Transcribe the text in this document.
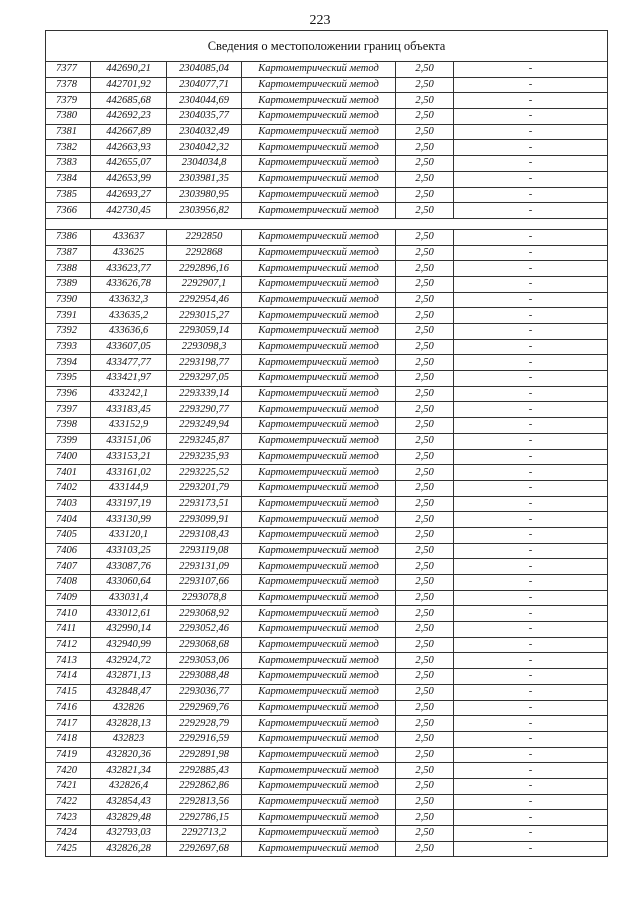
223
Сведения о местоположении границ объекта					
7377	442690,21	2304085,04	Картометрический метод	2,50	-
7378	442701,92	2304077,71	Картометрический метод	2,50	-
7379	442685,68	2304044,69	Картометрический метод	2,50	-
7380	442692,23	2304035,77	Картометрический метод	2,50	-
7381	442667,89	2304032,49	Картометрический метод	2,50	-
7382	442663,93	2304042,32	Картометрический метод	2,50	-
7383	442655,07	2304034,8	Картометрический метод	2,50	-
7384	442653,99	2303981,35	Картометрический метод	2,50	-
7385	442693,27	2303980,95	Картометрический метод	2,50	-
7366	442730,45	2303956,82	Картометрический метод	2,50	-

7386	433637	2292850	Картометрический метод	2,50	-
7387	433625	2292868	Картометрический метод	2,50	-
7388	433623,77	2292896,16	Картометрический метод	2,50	-
7389	433626,78	2292907,1	Картометрический метод	2,50	-
7390	433632,3	2292954,46	Картометрический метод	2,50	-
7391	433635,2	2293015,27	Картометрический метод	2,50	-
7392	433636,6	2293059,14	Картометрический метод	2,50	-
7393	433607,05	2293098,3	Картометрический метод	2,50	-
7394	433477,77	2293198,77	Картометрический метод	2,50	-
7395	433421,97	2293297,05	Картометрический метод	2,50	-
7396	433242,1	2293339,14	Картометрический метод	2,50	-
7397	433183,45	2293290,77	Картометрический метод	2,50	-
7398	433152,9	2293249,94	Картометрический метод	2,50	-
7399	433151,06	2293245,87	Картометрический метод	2,50	-
7400	433153,21	2293235,93	Картометрический метод	2,50	-
7401	433161,02	2293225,52	Картометрический метод	2,50	-
7402	433144,9	2293201,79	Картометрический метод	2,50	-
7403	433197,19	2293173,51	Картометрический метод	2,50	-
7404	433130,99	2293099,91	Картометрический метод	2,50	-
7405	433120,1	2293108,43	Картометрический метод	2,50	-
7406	433103,25	2293119,08	Картометрический метод	2,50	-
7407	433087,76	2293131,09	Картометрический метод	2,50	-
7408	433060,64	2293107,66	Картометрический метод	2,50	-
7409	433031,4	2293078,8	Картометрический метод	2,50	-
7410	433012,61	2293068,92	Картометрический метод	2,50	-
7411	432990,14	2293052,46	Картометрический метод	2,50	-
7412	432940,99	2293068,68	Картометрический метод	2,50	-
7413	432924,72	2293053,06	Картометрический метод	2,50	-
7414	432871,13	2293088,48	Картометрический метод	2,50	-
7415	432848,47	2293036,77	Картометрический метод	2,50	-
7416	432826	2292969,76	Картометрический метод	2,50	-
7417	432828,13	2292928,79	Картометрический метод	2,50	-
7418	432823	2292916,59	Картометрический метод	2,50	-
7419	432820,36	2292891,98	Картометрический метод	2,50	-
7420	432821,34	2292885,43	Картометрический метод	2,50	-
7421	432826,4	2292862,86	Картометрический метод	2,50	-
7422	432854,43	2292813,56	Картометрический метод	2,50	-
7423	432829,48	2292786,15	Картометрический метод	2,50	-
7424	432793,03	2292713,2	Картометрический метод	2,50	-
7425	432826,28	2292697,68	Картометрический метод	2,50	-
